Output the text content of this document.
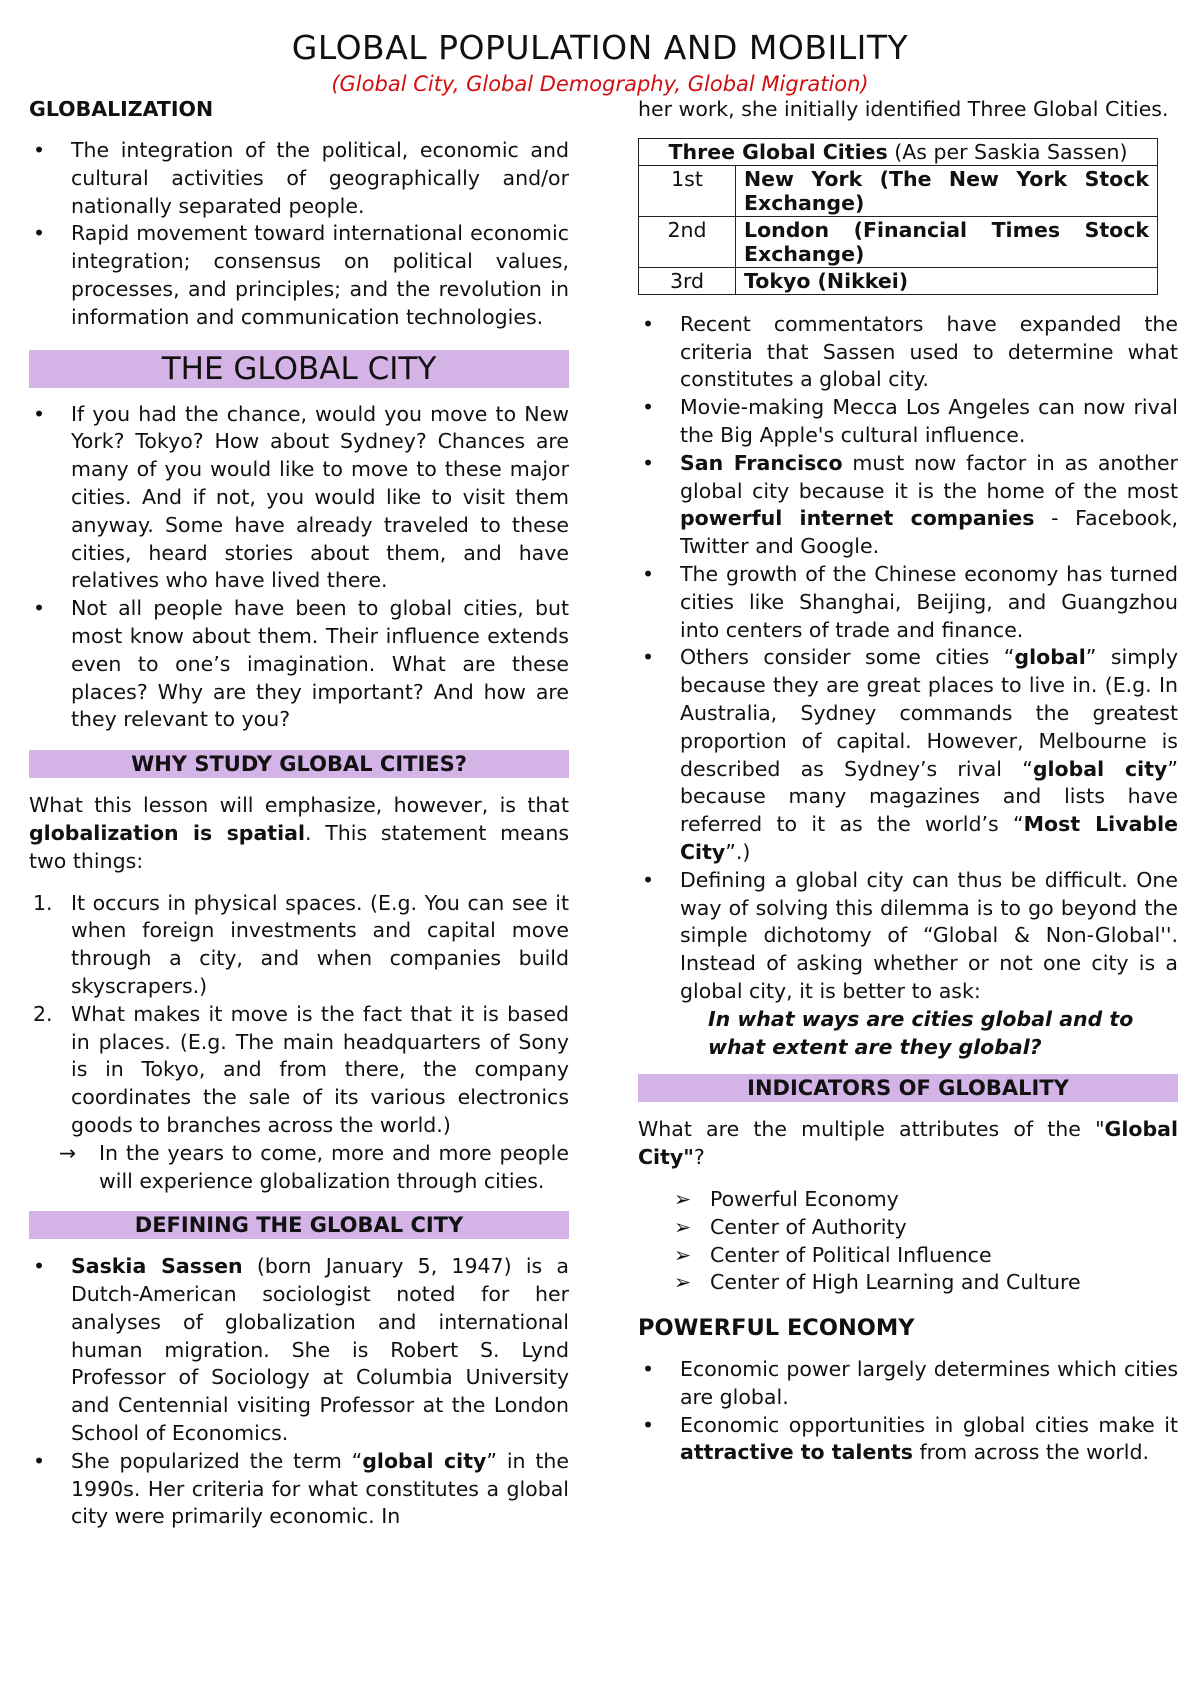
GLOBAL POPULATION AND MOBILITY
(Global City, Global Demography, Global Migration)
GLOBALIZATION
• The integration of the political, economic and cultural activities of geographically and/or nationally separated people.
• Rapid movement toward international economic integration; consensus on political values, processes, and principles; and the revolution in information and communication technologies.
THE GLOBAL CITY
• If you had the chance, would you move to New York? Tokyo? How about Sydney? Chances are many of you would like to move to these major cities. And if not, you would like to visit them anyway. Some have already traveled to these cities, heard stories about them, and have relatives who have lived there.
• Not all people have been to global cities, but most know about them. Their influence extends even to one’s imagination. What are these places? Why are they important? And how are they relevant to you?
WHY STUDY GLOBAL CITIES?

What this lesson will emphasize, however, is that globalization is spatial. This statement means two things:

1. It occurs in physical spaces. (E.g. You can see it when foreign investments and capital move through a city, and when companies build skyscrapers.)
2. What makes it move is the fact that it is based in places. (E.g. The main headquarters of Sony is in Tokyo, and from there, the company coordinates the sale of its various electronics goods to branches across the world.)
→ In the years to come, more and more people will experience globalization through cities.
DEFINING THE GLOBAL CITY
• Saskia Sassen (born January 5, 1947) is a Dutch-American sociologist noted for her analyses of globalization and international human migration. She is Robert S. Lynd Professor of Sociology at Columbia University and Centennial visiting Professor at the London School of Economics.
• She popularized the term “global city” in the 1990s. Her criteria for what constitutes a global city were primarily economic. In

her work, she initially identified Three Global Cities.

Three Global Cities (As per Saskia Sassen)	
1st	New York (The New York Stock Exchange)
2nd	London (Financial Times Stock Exchange)
3rd	Tokyo (Nikkei)
• Recent commentators have expanded the criteria that Sassen used to determine what constitutes a global city.
• Movie-making Mecca Los Angeles can now rival the Big Apple's cultural influence.
• San Francisco must now factor in as another global city because it is the home of the most powerful internet companies - Facebook, Twitter and Google.
• The growth of the Chinese economy has turned cities like Shanghai, Beijing, and Guangzhou into centers of trade and finance.
• Others consider some cities “global” simply because they are great places to live in. (E.g. In Australia, Sydney commands the greatest proportion of capital. However, Melbourne is described as Sydney’s rival “global city” because many magazines and lists have referred to it as the world’s “Most Livable City”.)
• Defining a global city can thus be difficult. One way of solving this dilemma is to go beyond the simple dichotomy of “Global & Non-Global''. Instead of asking whether or not one city is a global city, it is better to ask:

In what ways are cities global and to what extent are they global?

INDICATORS OF GLOBALITY

What are the multiple attributes of the "Global City"?

➢ Powerful Economy
➢ Center of Authority
➢ Center of Political Influence
➢ Center of High Learning and Culture
POWERFUL ECONOMY
• Economic power largely determines which cities are global.
• Economic opportunities in global cities make it attractive to talents from across the world.
